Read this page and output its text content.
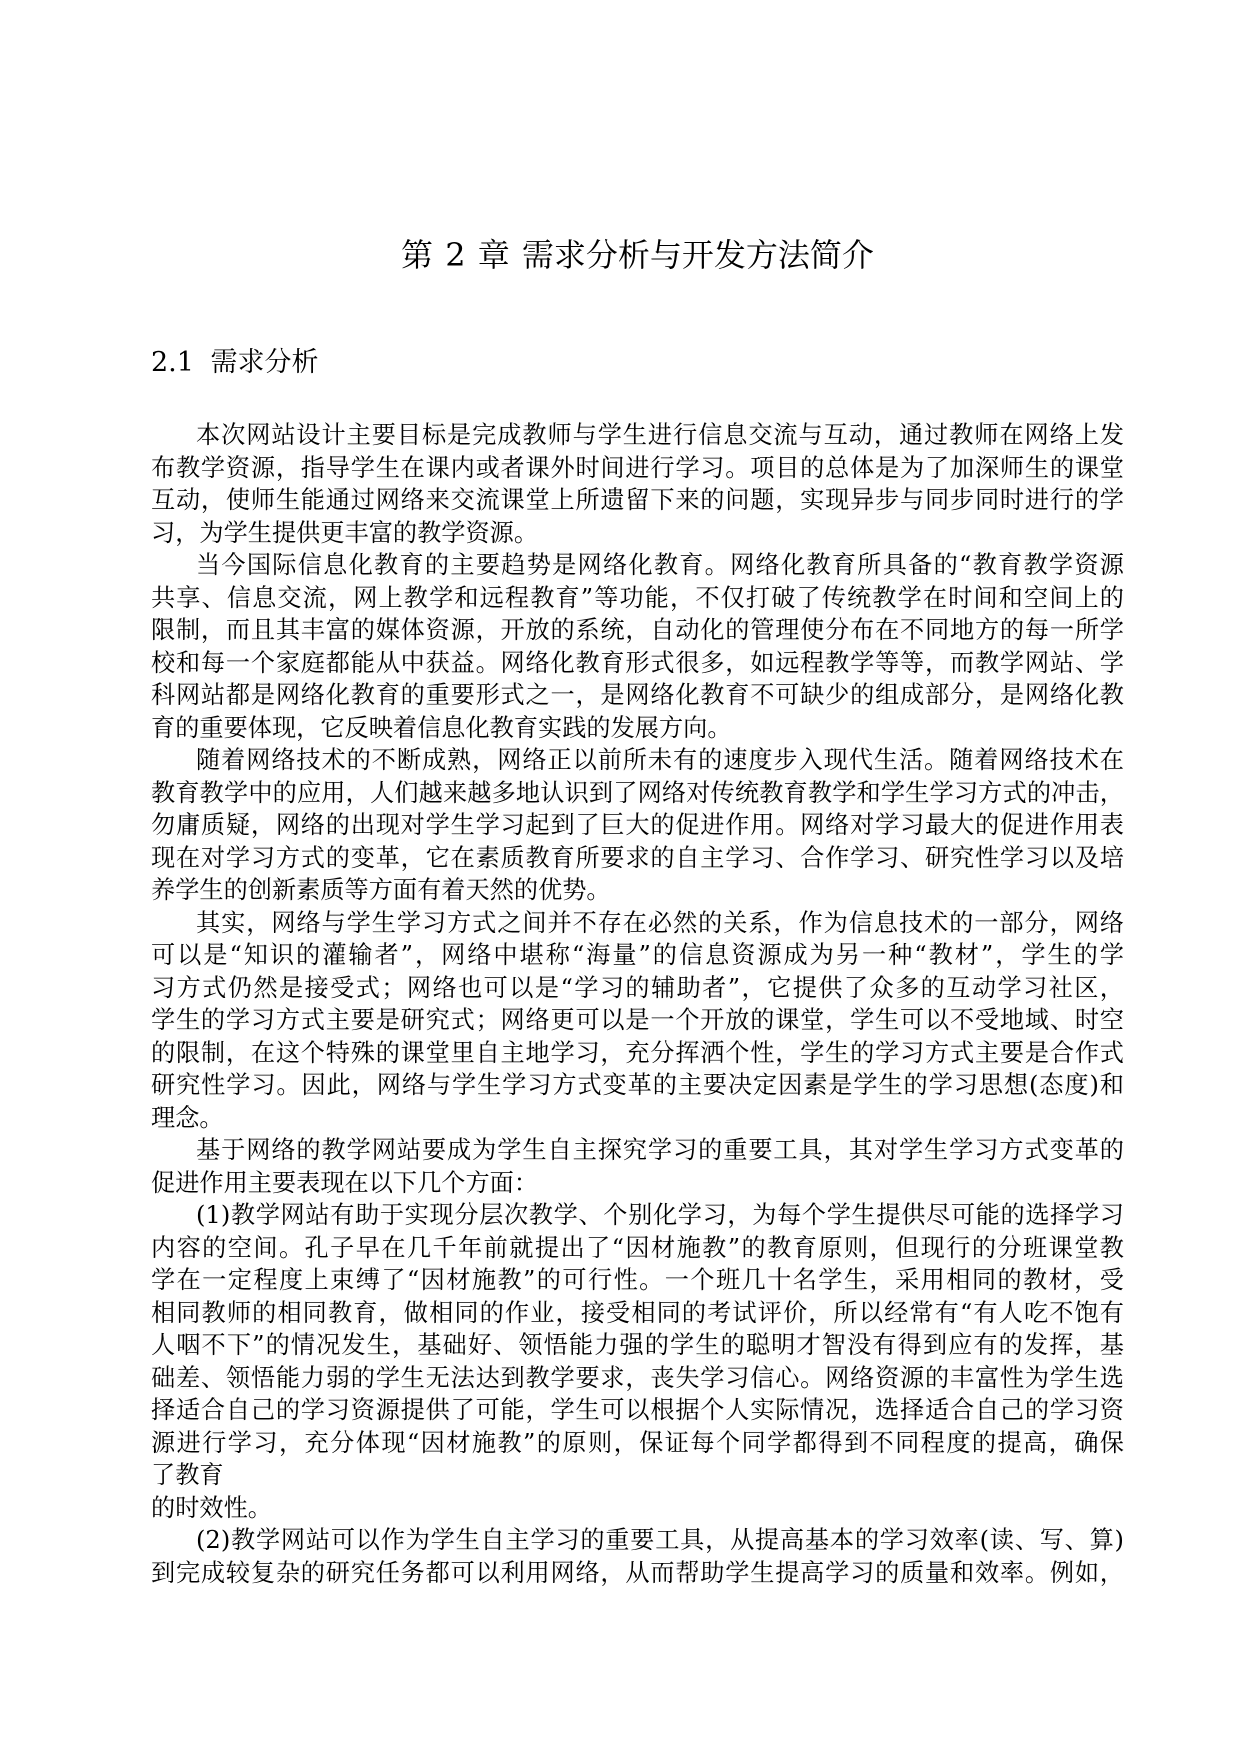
第 2 章 需求分析与开发方法简介
2.1 需求分析
本次网站设计主要目标是完成教师与学生进行信息交流与互动，通过教师在网络上发
布教学资源，指导学生在课内或者课外时间进行学习。项目的总体是为了加深师生的课堂
互动，使师生能通过网络来交流课堂上所遗留下来的问题，实现异步与同步同时进行的学
习，为学生提供更丰富的教学资源。
当今国际信息化教育的主要趋势是网络化教育。网络化教育所具备的“教育教学资源
共享、信息交流，网上教学和远程教育”等功能，不仅打破了传统教学在时间和空间上的
限制，而且其丰富的媒体资源，开放的系统，自动化的管理使分布在不同地方的每一所学
校和每一个家庭都能从中获益。网络化教育形式很多，如远程教学等等，而教学网站、学
科网站都是网络化教育的重要形式之一，是网络化教育不可缺少的组成部分，是网络化教
育的重要体现，它反映着信息化教育实践的发展方向。
随着网络技术的不断成熟，网络正以前所未有的速度步入现代生活。随着网络技术在
教育教学中的应用，人们越来越多地认识到了网络对传统教育教学和学生学习方式的冲击，
勿庸质疑，网络的出现对学生学习起到了巨大的促进作用。网络对学习最大的促进作用表
现在对学习方式的变革，它在素质教育所要求的自主学习、合作学习、研究性学习以及培
养学生的创新素质等方面有着天然的优势。
其实，网络与学生学习方式之间并不存在必然的关系，作为信息技术的一部分，网络
可以是“知识的灌输者”，网络中堪称“海量”的信息资源成为另一种“教材”，学生的学
习方式仍然是接受式；网络也可以是“学习的辅助者”，它提供了众多的互动学习社区，
学生的学习方式主要是研究式；网络更可以是一个开放的课堂，学生可以不受地域、时空
的限制，在这个特殊的课堂里自主地学习，充分挥洒个性，学生的学习方式主要是合作式
研究性学习。因此，网络与学生学习方式变革的主要决定因素是学生的学习思想(态度)和
理念。
基于网络的教学网站要成为学生自主探究学习的重要工具，其对学生学习方式变革的
促进作用主要表现在以下几个方面：
(1)教学网站有助于实现分层次教学、个别化学习，为每个学生提供尽可能的选择学习
内容的空间。孔子早在几千年前就提出了“因材施教”的教育原则，但现行的分班课堂教
学在一定程度上束缚了“因材施教”的可行性。一个班几十名学生，采用相同的教材，受
相同教师的相同教育，做相同的作业，接受相同的考试评价，所以经常有“有人吃不饱有
人咽不下”的情况发生，基础好、领悟能力强的学生的聪明才智没有得到应有的发挥，基
础差、领悟能力弱的学生无法达到教学要求，丧失学习信心。网络资源的丰富性为学生选
择适合自己的学习资源提供了可能，学生可以根据个人实际情况，选择适合自己的学习资
源进行学习，充分体现“因材施教”的原则，保证每个同学都得到不同程度的提高，确保
了教育
的时效性。
(2)教学网站可以作为学生自主学习的重要工具，从提高基本的学习效率(读、写、算)
到完成较复杂的研究任务都可以利用网络，从而帮助学生提高学习的质量和效率。例如，
